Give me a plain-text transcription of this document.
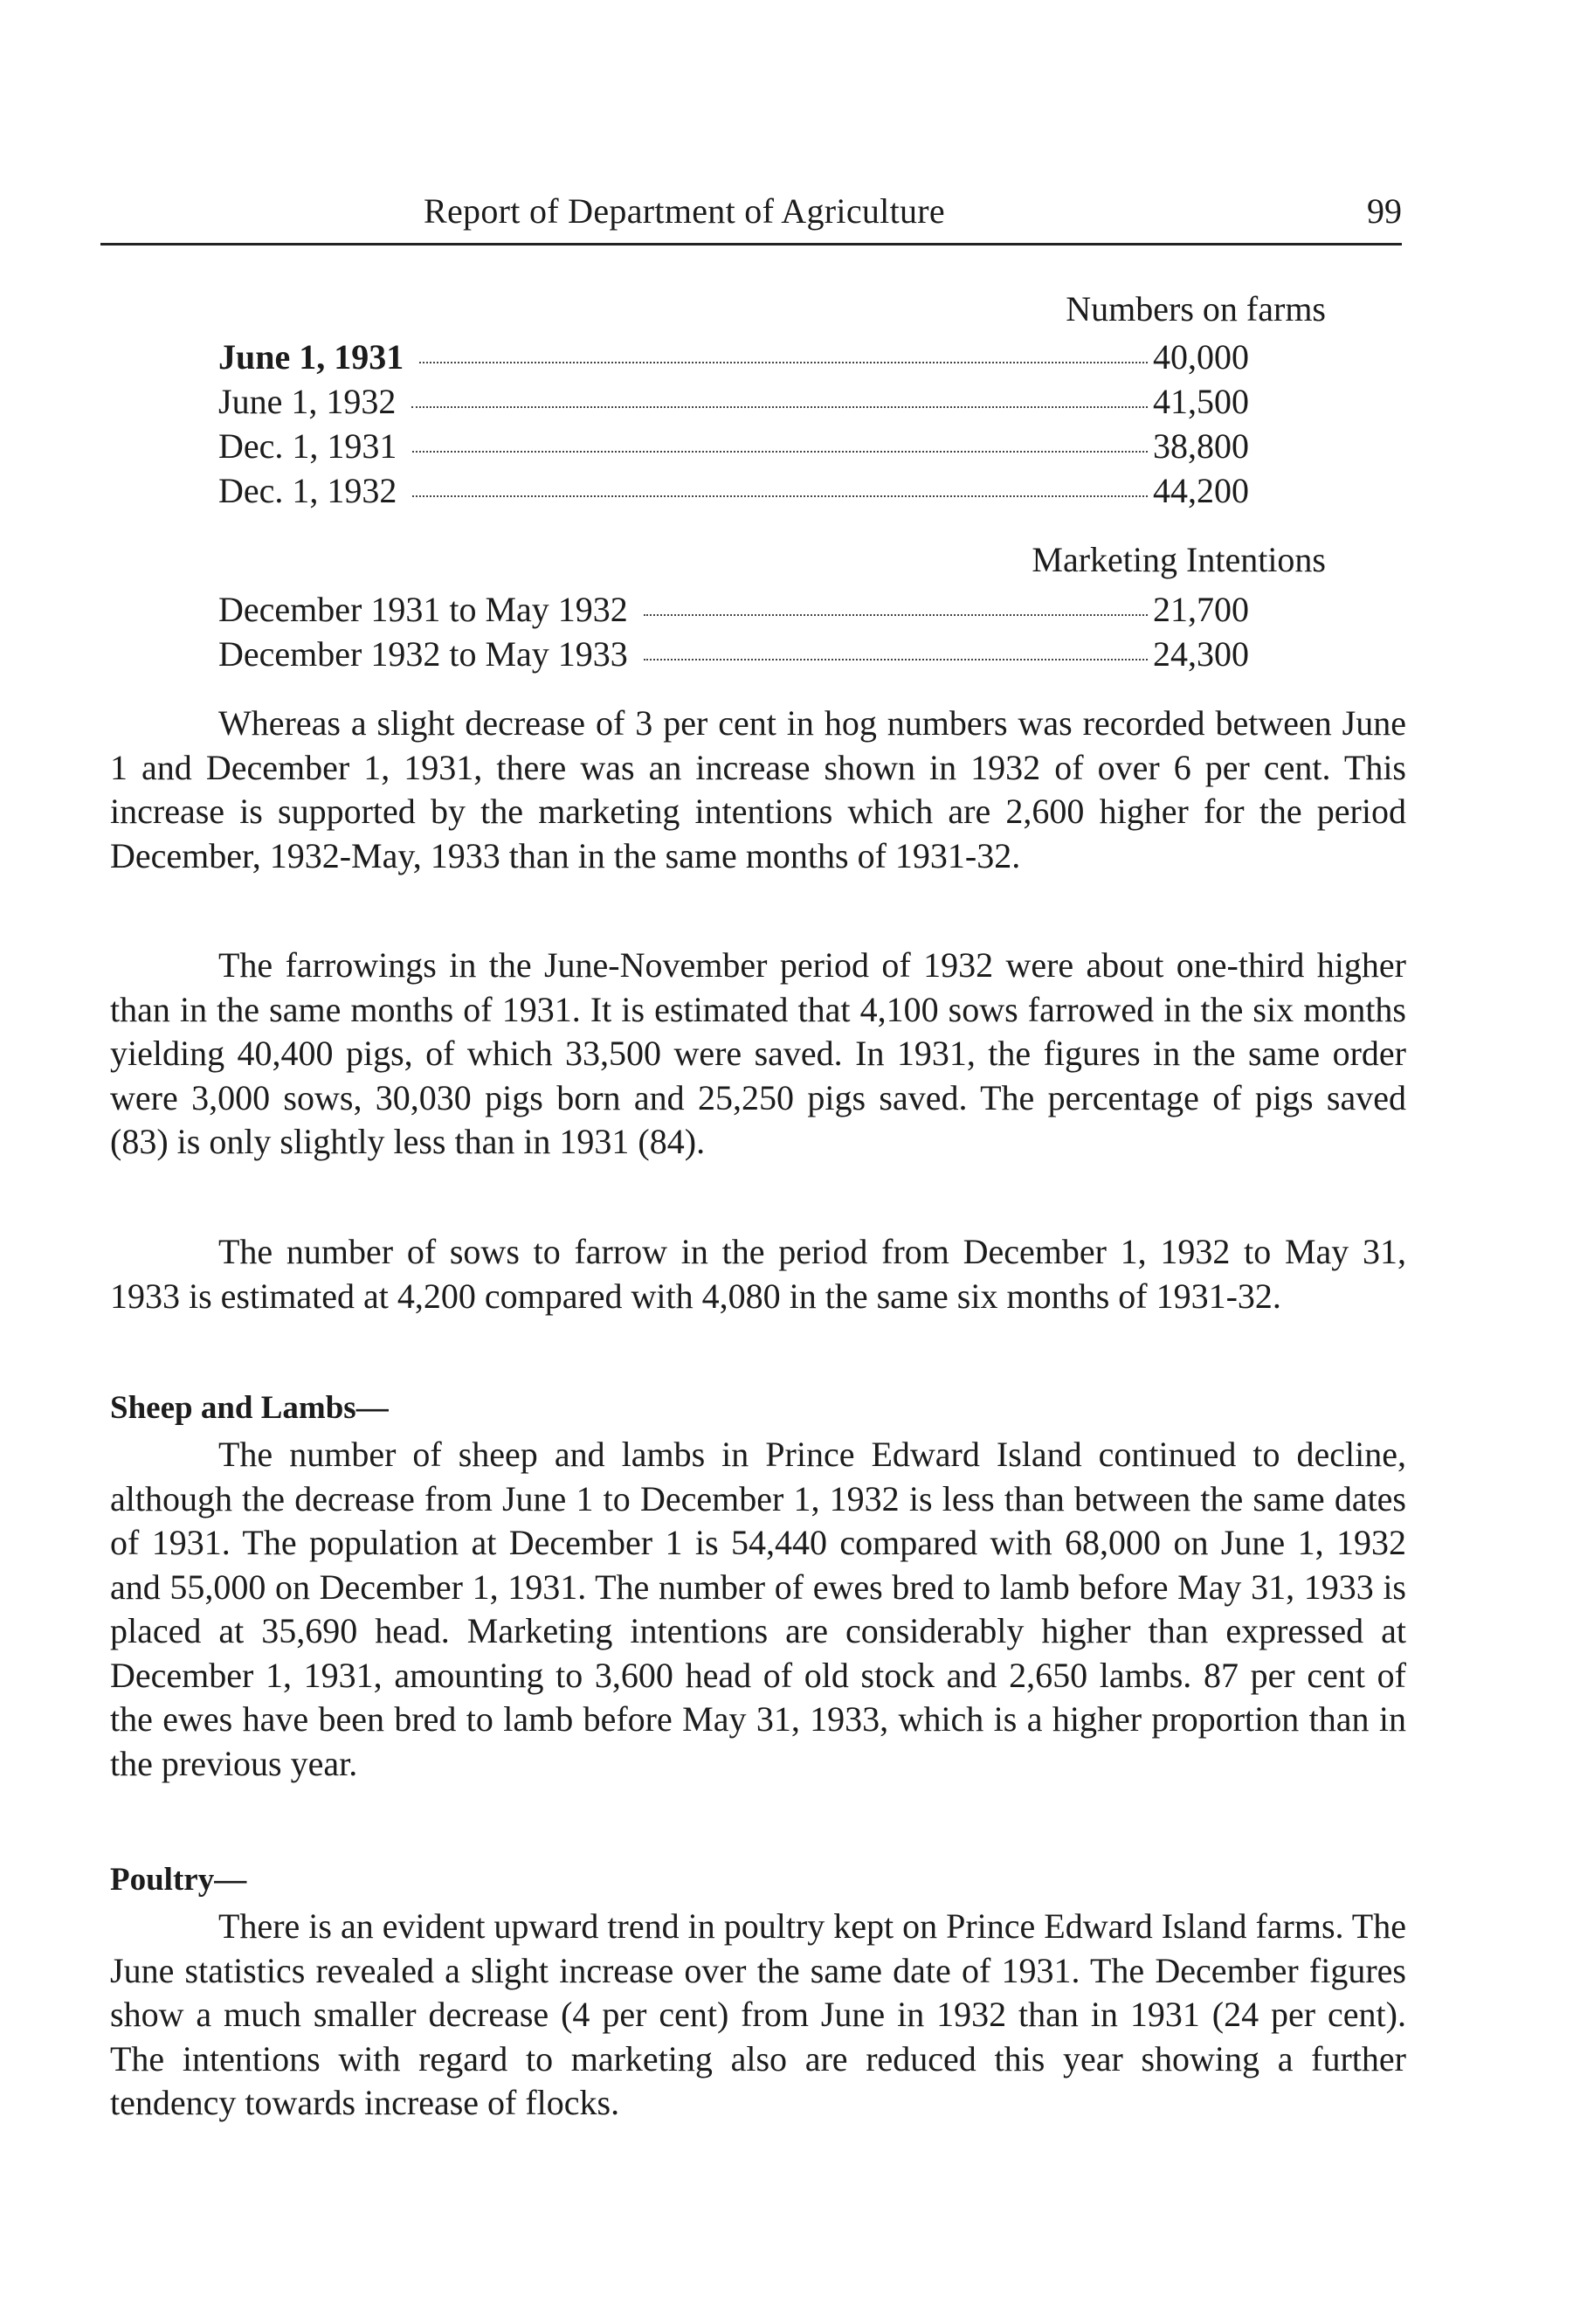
Report of Department of Agriculture	99
Numbers on farms
June 1, 1931	40,000
June 1, 1932	41,500
Dec. 1, 1931	38,800
Dec. 1, 1932	44,200
Marketing Intentions
December 1931 to May 1932	21,700
December 1932 to May 1933	24,300

Whereas a slight decrease of 3 per cent in hog numbers was recorded between June 1 and December 1, 1931, there was an increase shown in 1932 of over 6 per cent. This increase is supported by the marketing intentions which are 2,600 higher for the period December, 1932-May, 1933 than in the same months of 1931-32.

The farrowings in the June-November period of 1932 were about one-third higher than in the same months of 1931. It is estimated that 4,100 sows farrowed in the six months yielding 40,400 pigs, of which 33,500 were saved. In 1931, the figures in the same order were 3,000 sows, 30,030 pigs born and 25,250 pigs saved. The percentage of pigs saved (83) is only slightly less than in 1931 (84).

The number of sows to farrow in the period from December 1, 1932 to May 31, 1933 is estimated at 4,200 compared with 4,080 in the same six months of 1931-32.

Sheep and Lambs—

The number of sheep and lambs in Prince Edward Island continued to decline, although the decrease from June 1 to December 1, 1932 is less than between the same dates of 1931. The population at December 1 is 54,440 compared with 68,000 on June 1, 1932 and 55,000 on December 1, 1931. The number of ewes bred to lamb before May 31, 1933 is placed at 35,690 head. Marketing intentions are considerably higher than expressed at December 1, 1931, amounting to 3,600 head of old stock and 2,650 lambs. 87 per cent of the ewes have been bred to lamb before May 31, 1933, which is a higher proportion than in the previous year.

Poultry—

There is an evident upward trend in poultry kept on Prince Edward Island farms. The June statistics revealed a slight increase over the same date of 1931. The December figures show a much smaller decrease (4 per cent) from June in 1932 than in 1931 (24 per cent). The intentions with regard to marketing also are reduced this year showing a further tendency towards increase of flocks.
